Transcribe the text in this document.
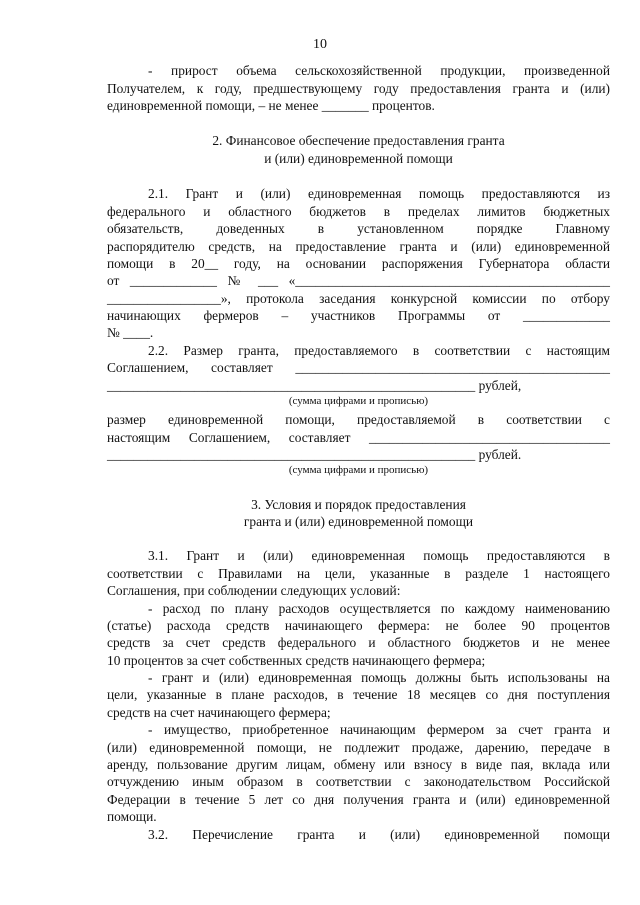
10
- прирост объема сельскохозяйственной продукции, произведенной
Получателем, к году, предшествующему году предоставления гранта и (или)
единовременной помощи, – не менее _______ процентов.
2. Финансовое обеспечение предоставления гранта
и (или) единовременной помощи
2.1. Грант и (или) единовременная помощь предоставляются из
федерального и областного бюджетов в пределах лимитов бюджетных
обязательств, доведенных в установленном порядке Главному
распорядителю средств, на предоставление гранта и (или) единовременной
помощи в 20__ году, на основании распоряжения Губернатора области
от _____________ № ___ «_______________________________________________
_________________», протокола заседания конкурсной комиссии по отбору
начинающих фермеров – участников Программы от _____________
№ ____.
2.2. Размер гранта, предоставляемого в соответствии с настоящим
Соглашением, составляет _______________________________________________
_______________________________________________________ рублей,
(сумма цифрами и прописью)
размер единовременной помощи, предоставляемой в соответствии с
настоящим Соглашением, составляет ____________________________________
_______________________________________________________ рублей.
(сумма цифрами и прописью)
3. Условия и порядок предоставления
гранта и (или) единовременной помощи
3.1. Грант и (или) единовременная помощь предоставляются в
соответствии с Правилами на цели, указанные в разделе 1 настоящего
Соглашения, при соблюдении следующих условий:
- расход по плану расходов осуществляется по каждому наименованию
(статье) расхода средств начинающего фермера: не более 90 процентов
средств за счет средств федерального и областного бюджетов и не менее
10 процентов за счет собственных средств начинающего фермера;
- грант и (или) единовременная помощь должны быть использованы на
цели, указанные в плане расходов, в течение 18 месяцев со дня поступления
средств на счет начинающего фермера;
- имущество, приобретенное начинающим фермером за счет гранта и
(или) единовременной помощи, не подлежит продаже, дарению, передаче в
аренду, пользование другим лицам, обмену или взносу в виде пая, вклада или
отчуждению иным образом в соответствии с законодательством Российской
Федерации в течение 5 лет со дня получения гранта и (или) единовременной
помощи.
3.2. Перечисление гранта и (или) единовременной помощи
